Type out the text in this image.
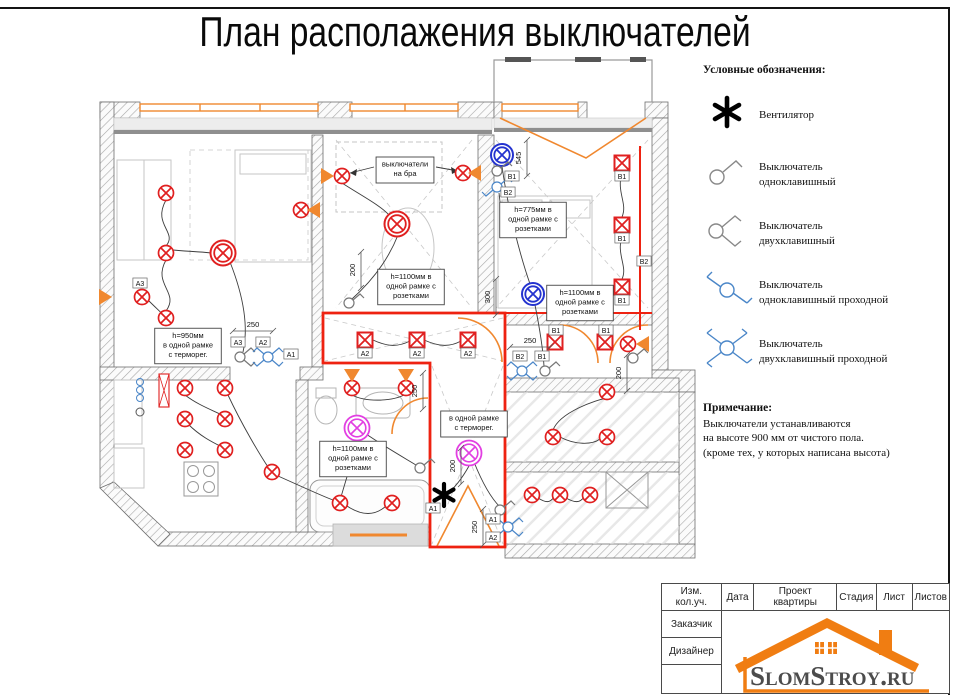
План располажения выключателей
250
200
545
300
250
200
200
250
250
выключатели
на бра
h=1100мм в
одной рамке с
розетками
h=775мм в
одной рамке с
розетками
h=1100мм в
одной рамке с
розетками
h=950мм
в одной рамке
с терморег.
в одной рамке
с терморег.
h=1100мм в
одной рамке с
розетками
A3
A3 A2
A1	A2	A2	A2
B1
B2
B1	B1
B2 B1
B1
B1
B1
B2
A1
A1
A2
Условные обозначения:
Вентилятор
Выключатель
одноклавишный
Выключатель
двухклавишный
Выключатель
одноклавишный проходной
Выключатель
двухклавишный проходной
Примечание:
Выключатели устанавливаются
на высоте 900 мм от чистого пола.
(кроме тех, у которых написана высота)
Изм. кол.уч.	Дата	Проект квартиры	Стадия Лист Листов
Заказчик
Дизайнер
SlomStroy.ru
